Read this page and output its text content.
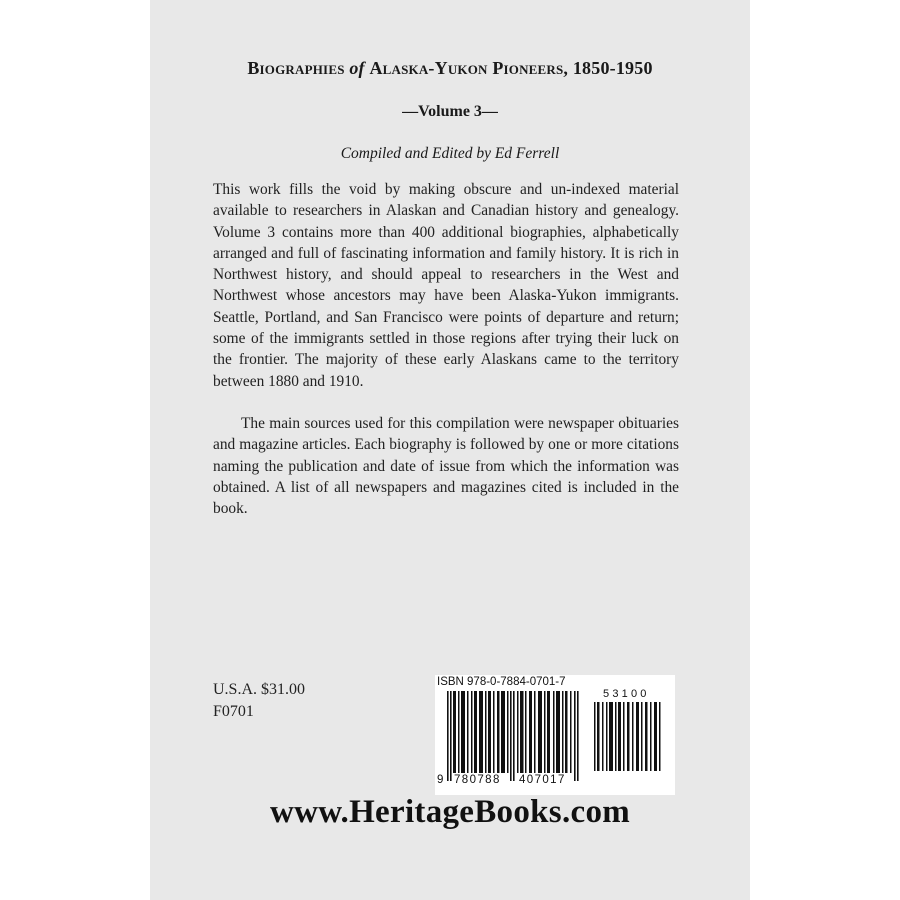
Biographies of Alaska-Yukon Pioneers, 1850-1950
—Volume 3—
Compiled and Edited by Ed Ferrell

This work fills the void by making obscure and un-indexed material available to researchers in Alaskan and Canadian history and genealogy. Volume 3 contains more than 400 additional biographies, alphabetically arranged and full of fascinating information and family history. It is rich in Northwest history, and should appeal to researchers in the West and Northwest whose ancestors may have been Alaska-Yukon immigrants. Seattle, Portland, and San Francisco were points of departure and return; some of the immigrants settled in those regions after trying their luck on the frontier. The majority of these early Alaskans came to the territory between 1880 and 1910.

The main sources used for this compilation were newspaper obituaries and magazine articles. Each biography is followed by one or more citations naming the publication and date of issue from which the information was obtained. A list of all newspapers and magazines cited is included in the book.

U.S.A. $31.00
F0701
ISBN 978-0-7884-0701-7
53100
9 780788 407017
www.HeritageBooks.com
